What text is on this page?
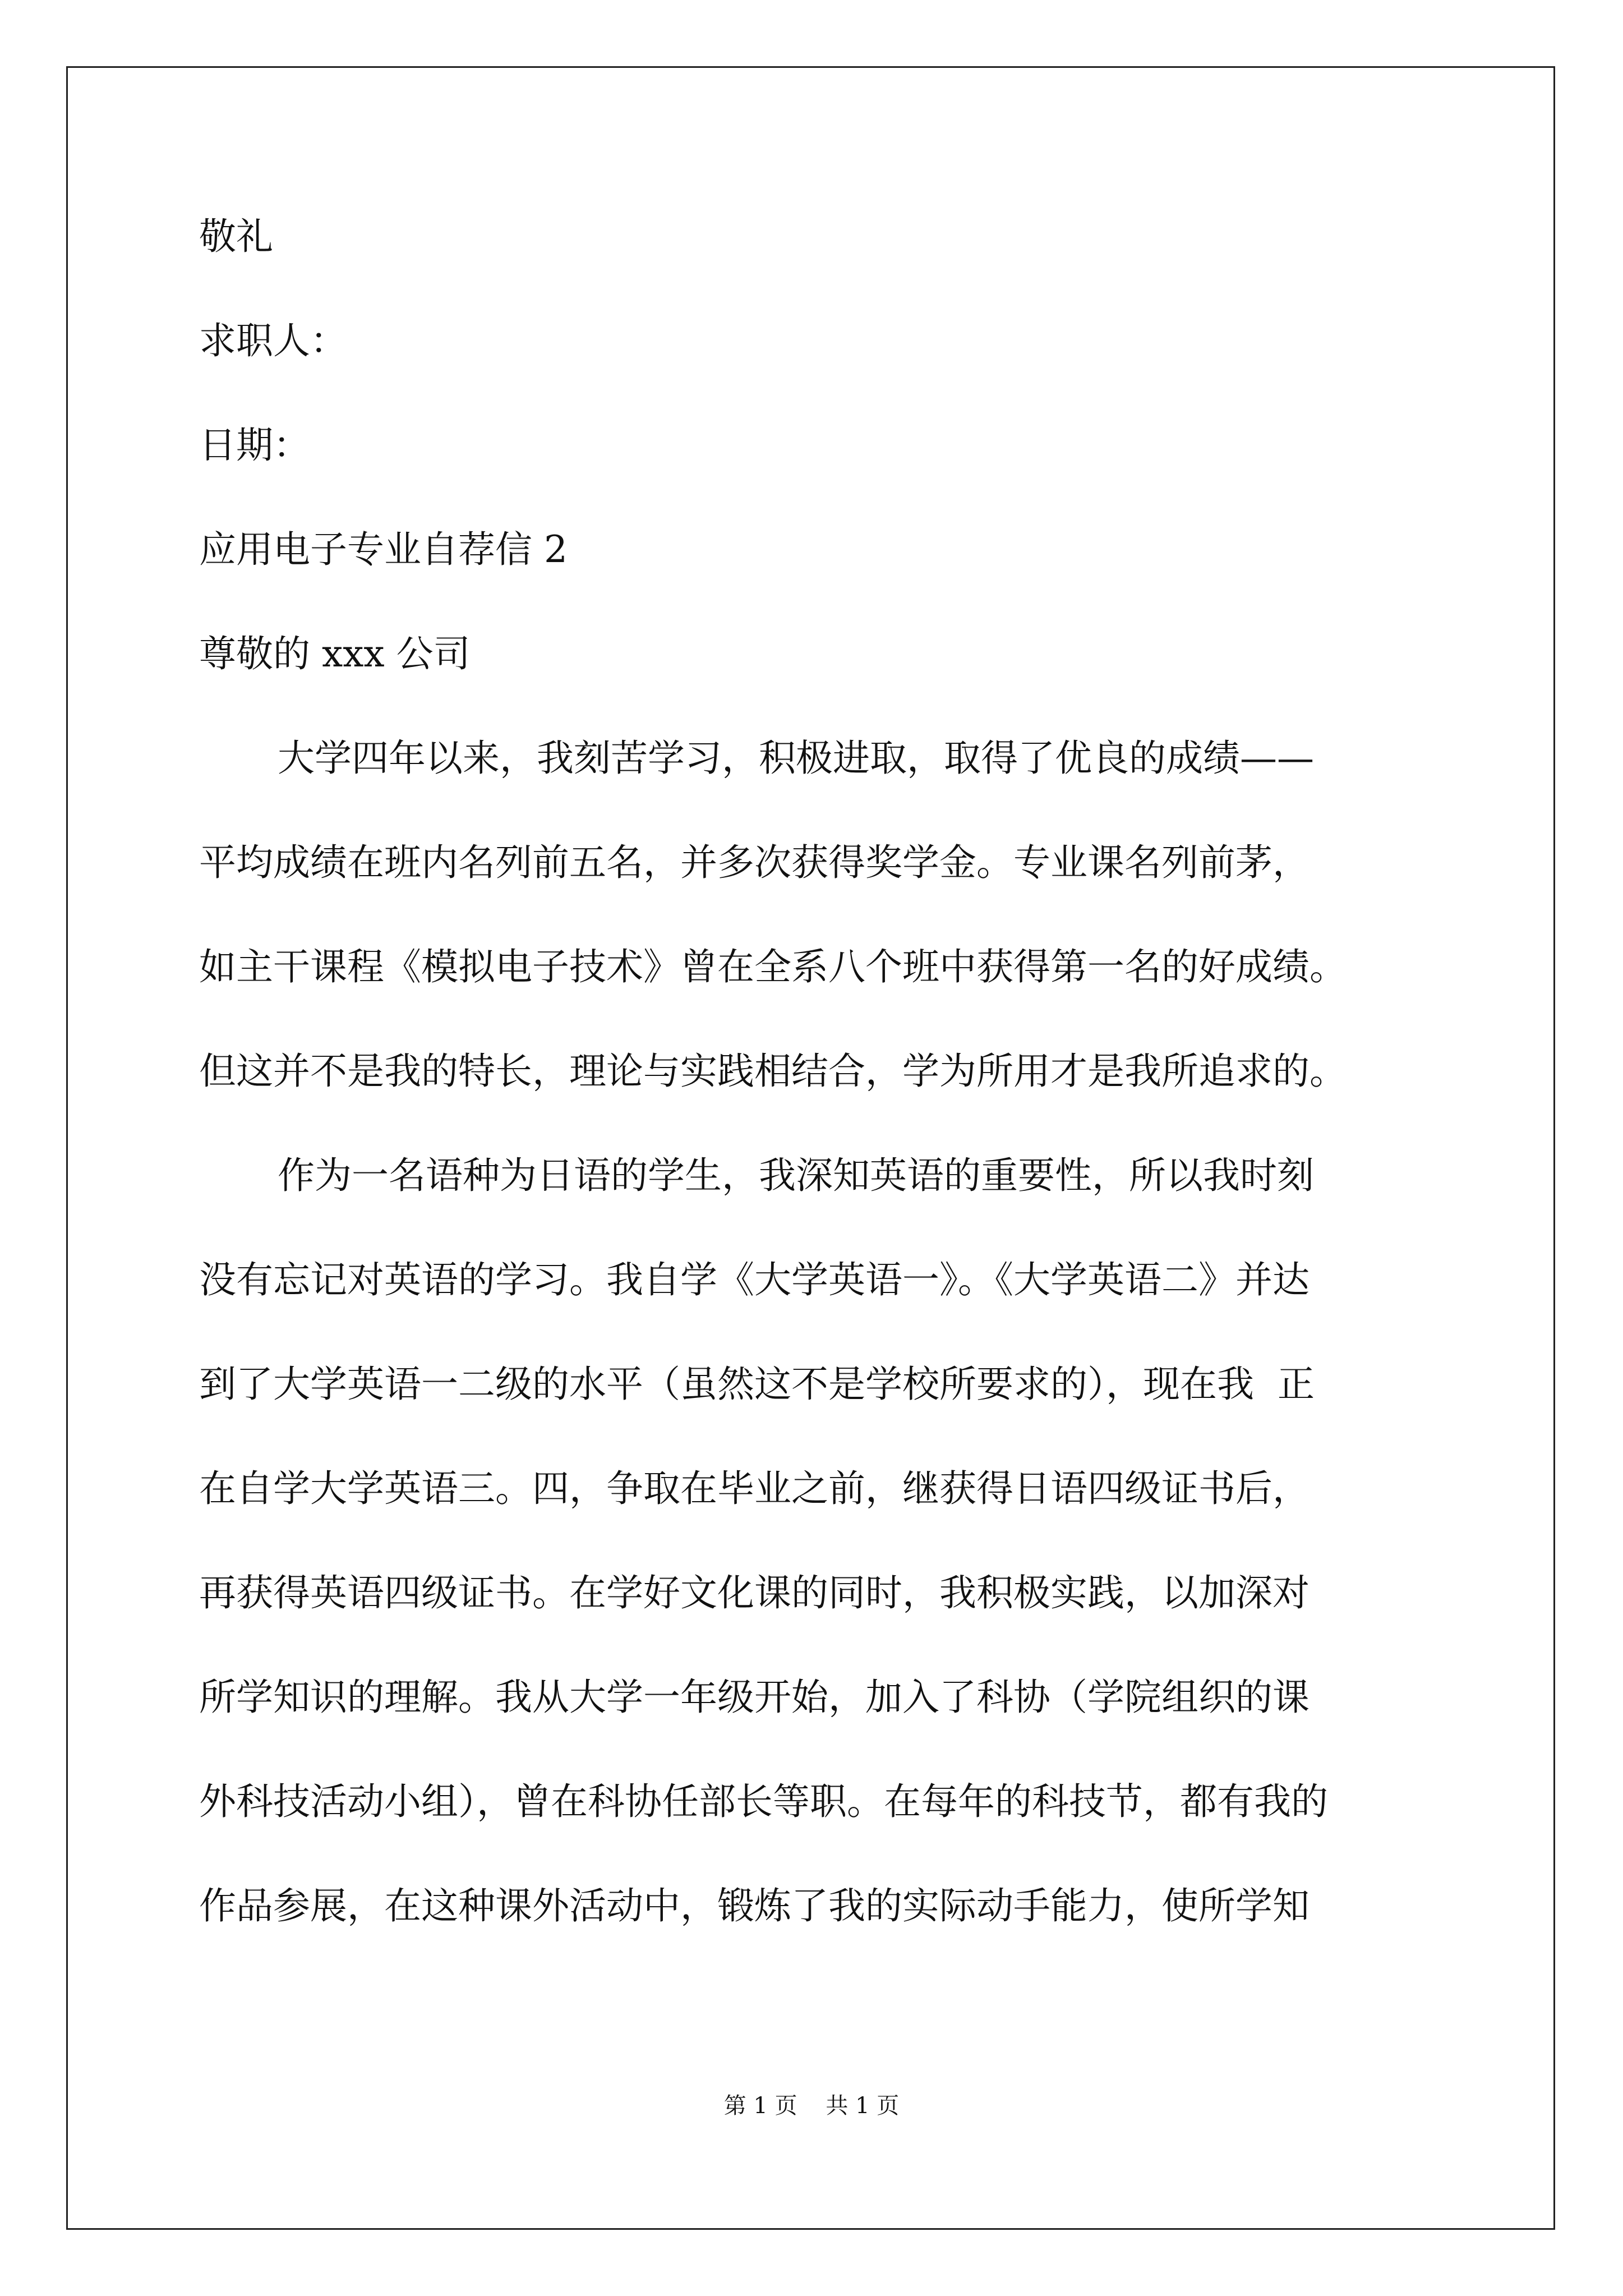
敬礼
求职人：
日期：
应用电子专业自荐信 2
尊敬的 xxx 公司
大学四年以来，我刻苦学习，积极进取，取得了优良的成绩——
平均成绩在班内名列前五名，并多次获得奖学金。专业课名列前茅，
如主干课程《模拟电子技术》曾在全系八个班中获得第一名的好成绩。
但这并不是我的特长，理论与实践相结合，学为所用才是我所追求的。
作为一名语种为日语的学生，我深知英语的重要性，所以我时刻
没有忘记对英语的学习。我自学《大学英语一》。《大学英语二》并达
到了大学英语一二级的水平（虽然这不是学校所要求的），现在我  正
在自学大学英语三。四，争取在毕业之前，继获得日语四级证书后，
再获得英语四级证书。在学好文化课的同时，我积极实践，以加深对
所学知识的理解。我从大学一年级开始，加入了科协（学院组织的课
外科技活动小组），曾在科协任部长等职。在每年的科技节，都有我的
作品参展，在这种课外活动中，锻炼了我的实际动手能力，使所学知
第 1 页    共 1 页
